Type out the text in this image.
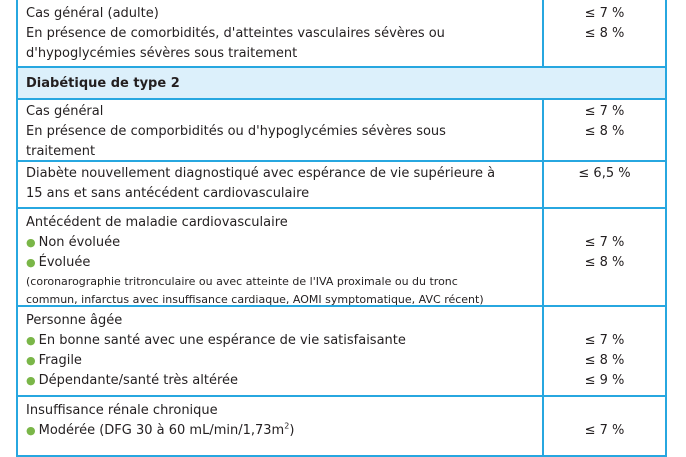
Cas général (adulte)
En présence de comorbidités, d'atteintes vasculaires sévères ou
d'hypoglycémies sévères sous traitement
≤ 7 %
≤ 8 %
Diabétique de type 2
Cas général
En présence de comporbidités ou d'hypoglycémies sévères sous
traitement
≤ 7 %
≤ 8 %
Diabète nouvellement diagnostiqué avec espérance de vie supérieure à
15 ans et sans antécédent cardiovasculaire
≤ 6,5 %
Antécédent de maladie cardiovasculaire
● Non évoluée
● Évoluée
(coronarographie tritronculaire ou avec atteinte de l'IVA proximale ou du tronc
commun, infarctus avec insuffisance cardiaque, AOMI symptomatique, AVC récent)
≤ 7 %
≤ 8 %
Personne âgée
● En bonne santé avec une espérance de vie satisfaisante
● Fragile
● Dépendante/santé très altérée
≤ 7 %
≤ 8 %
≤ 9 %
Insuffisance rénale chronique
● Modérée (DFG 30 à 60 $mL/\min/1,73m^2$)	≤ 7 %
